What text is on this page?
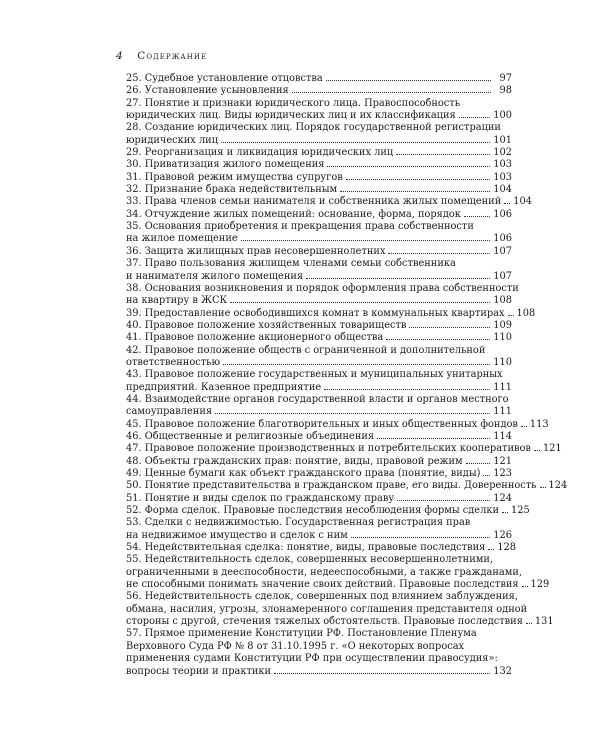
4 Содержание
25. Судебное установление отцовства	97
26. Установление усыновления	98
27. Понятие и признаки юридического лица. Правоспособность
юридических лиц. Виды юридических лиц и их классификация	100
28. Создание юридических лиц. Порядок государственной регистрации
юридических лиц	101
29. Реорганизация и ликвидация юридических лиц	102
30. Приватизация жилого помещения	103
31. Правовой режим имущества супругов	103
32. Признание брака недействительным	104
33. Права членов семьи нанимателя и собственника жилых помещений 104
34. Отчуждение жилых помещений: основание, форма, порядок	106
35. Основания приобретения и прекращения права собственности
на жилое помещение	106
36. Защита жилищных прав несовершеннолетних	107
37. Право пользования жилищем членами семьи собственника
и нанимателя жилого помещения	107
38. Основания возникновения и порядок оформления права собственности
на квартиру в ЖСК	108
39. Предоставление освободившихся комнат в коммунальных квартирах 108
40. Правовое положение хозяйственных товариществ	109
41. Правовое положение акционерного общества	110
42. Правовое положение обществ с ограниченной и дополнительной
ответственностью	110
43. Правовое положение государственных и муниципальных унитарных
предприятий. Казенное предприятие	111
44. Взаимодействие органов государственной власти и органов местного
самоуправления	111
45. Правовое положение благотворительных и иных общественных фондов 113
46. Общественные и религиозные объединения	114
47. Правовое положение производственных и потребительских кооперативов 121
48. Объекты гражданских прав: понятие, виды, правовой режим	121
49. Ценные бумаги как объект гражданского права (понятие, виды) 123
50. Понятие представительства в гражданском праве, его виды. Доверенность 124
51. Понятие и виды сделок по гражданскому праву	124
52. Форма сделок. Правовые последствия несоблюдения формы сделки 125
53. Сделки с недвижимостью. Государственная регистрация прав
на недвижимое имущество и сделок с ним	126
54. Недействительная сделка: понятие, виды, правовые последствия 128
55. Недействительность сделок, совершенных несовершеннолетними,
ограниченными в дееспособности, недееспособными, а также гражданами,
не способными понимать значение своих действий. Правовые последствия 129
56. Недействительность сделок, совершенных под влиянием заблуждения,
обмана, насилия, угрозы, злонамеренного соглашения представителя одной
стороны с другой, стечения тяжелых обстоятельств. Правовые последствия 131
57. Прямое применение Конституции РФ. Постановление Пленума
Верховного Суда РФ № 8 от 31.10.1995 г. «О некоторых вопросах
применения судами Конституции РФ при осуществлении правосудия»:
вопросы теории и практики	132
